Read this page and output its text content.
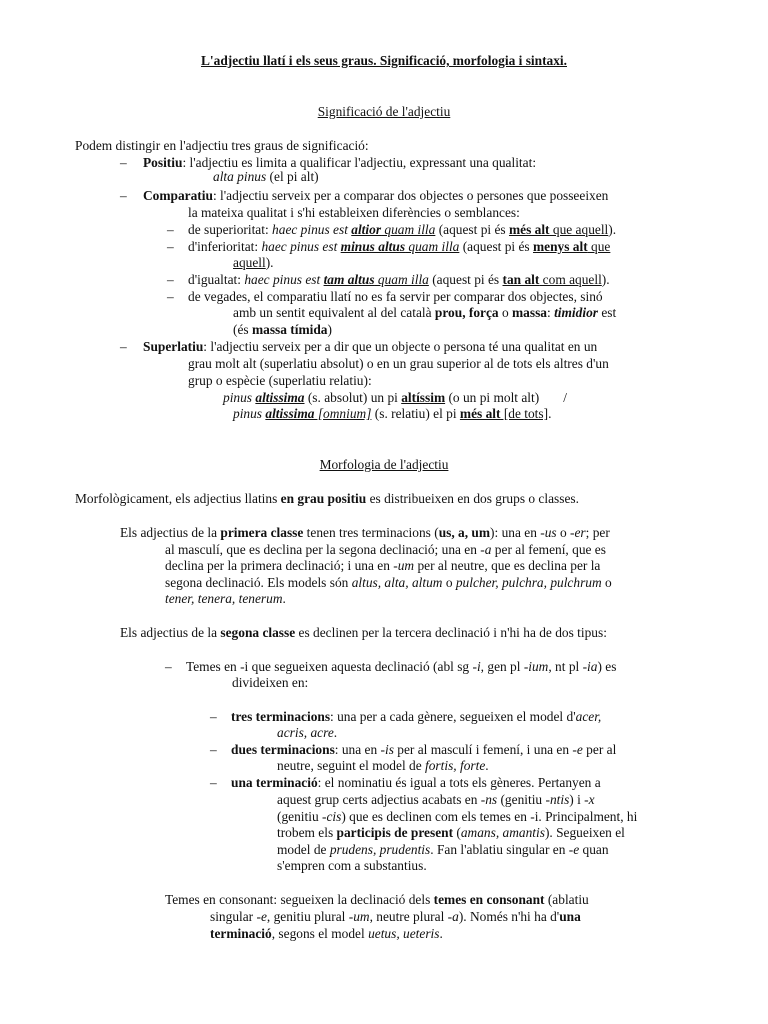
L'adjectiu llatí i els seus graus. Significació, morfologia i sintaxi.
Significació de l'adjectiu
Podem distingir en l'adjectiu tres graus de significació:
–	Positiu: l'adjectiu es limita a qualificar l'adjectiu, expressant una qualitat:
alta pinus (el pi alt)
–	Comparatiu: l'adjectiu serveix per a comparar dos objectes o persones que posseeixen
la mateixa qualitat i s'hi estableixen diferències o semblances:
–	de superioritat: haec pinus est altior quam illa (aquest pi és més alt que aquell).
–	d'inferioritat: haec pinus est minus altus quam illa (aquest pi és menys alt que
aquell).
–	d'igualtat: haec pinus est tam altus quam illa (aquest pi és tan alt com aquell).
–	de vegades, el comparatiu llatí no es fa servir per comparar dos objectes, sinó
amb un sentit equivalent al del català prou, força o massa: timidior est
(és massa tímida)
–	Superlatiu: l'adjectiu serveix per a dir que un objecte o persona té una qualitat en un
grau molt alt (superlatiu absolut) o en un grau superior al de tots els altres d'un
grup o espècie (superlatiu relatiu):
pinus altissima (s. absolut) un pi altíssim (o un pi molt alt) /
pinus altissima [omnium] (s. relatiu) el pi més alt [de tots].
Morfologia de l'adjectiu
Morfològicament, els adjectius llatins en grau positiu es distribueixen en dos grups o classes.
Els adjectius de la primera classe tenen tres terminacions (us, a, um): una en -us o -er; per
al masculí, que es declina per la segona declinació; una en -a per al femení, que es
declina per la primera declinació; i una en -um per al neutre, que es declina per la
segona declinació. Els models són altus, alta, altum o pulcher, pulchra, pulchrum o
tener, tenera, tenerum.
Els adjectius de la segona classe es declinen per la tercera declinació i n'hi ha de dos tipus:
–	Temes en -i que segueixen aquesta declinació (abl sg -i, gen pl -ium, nt pl -ia) es
divideixen en:
–	tres terminacions: una per a cada gènere, segueixen el model d'acer,
acris, acre.
–	dues terminacions: una en -is per al masculí i femení, i una en -e per al
neutre, seguint el model de fortis, forte.
–	una terminació: el nominatiu és igual a tots els gèneres. Pertanyen a
aquest grup certs adjectius acabats en -ns (genitiu -ntis) i -x
(genitiu -cis) que es declinen com els temes en -i. Principalment, hi
trobem els participis de present (amans, amantis). Segueixen el
model de prudens, prudentis. Fan l'ablatiu singular en -e quan
s'empren com a substantius.
Temes en consonant: segueixen la declinació dels temes en consonant (ablatiu
singular -e, genitiu plural -um, neutre plural -a). Només n'hi ha d'una
terminació, segons el model uetus, ueteris.
